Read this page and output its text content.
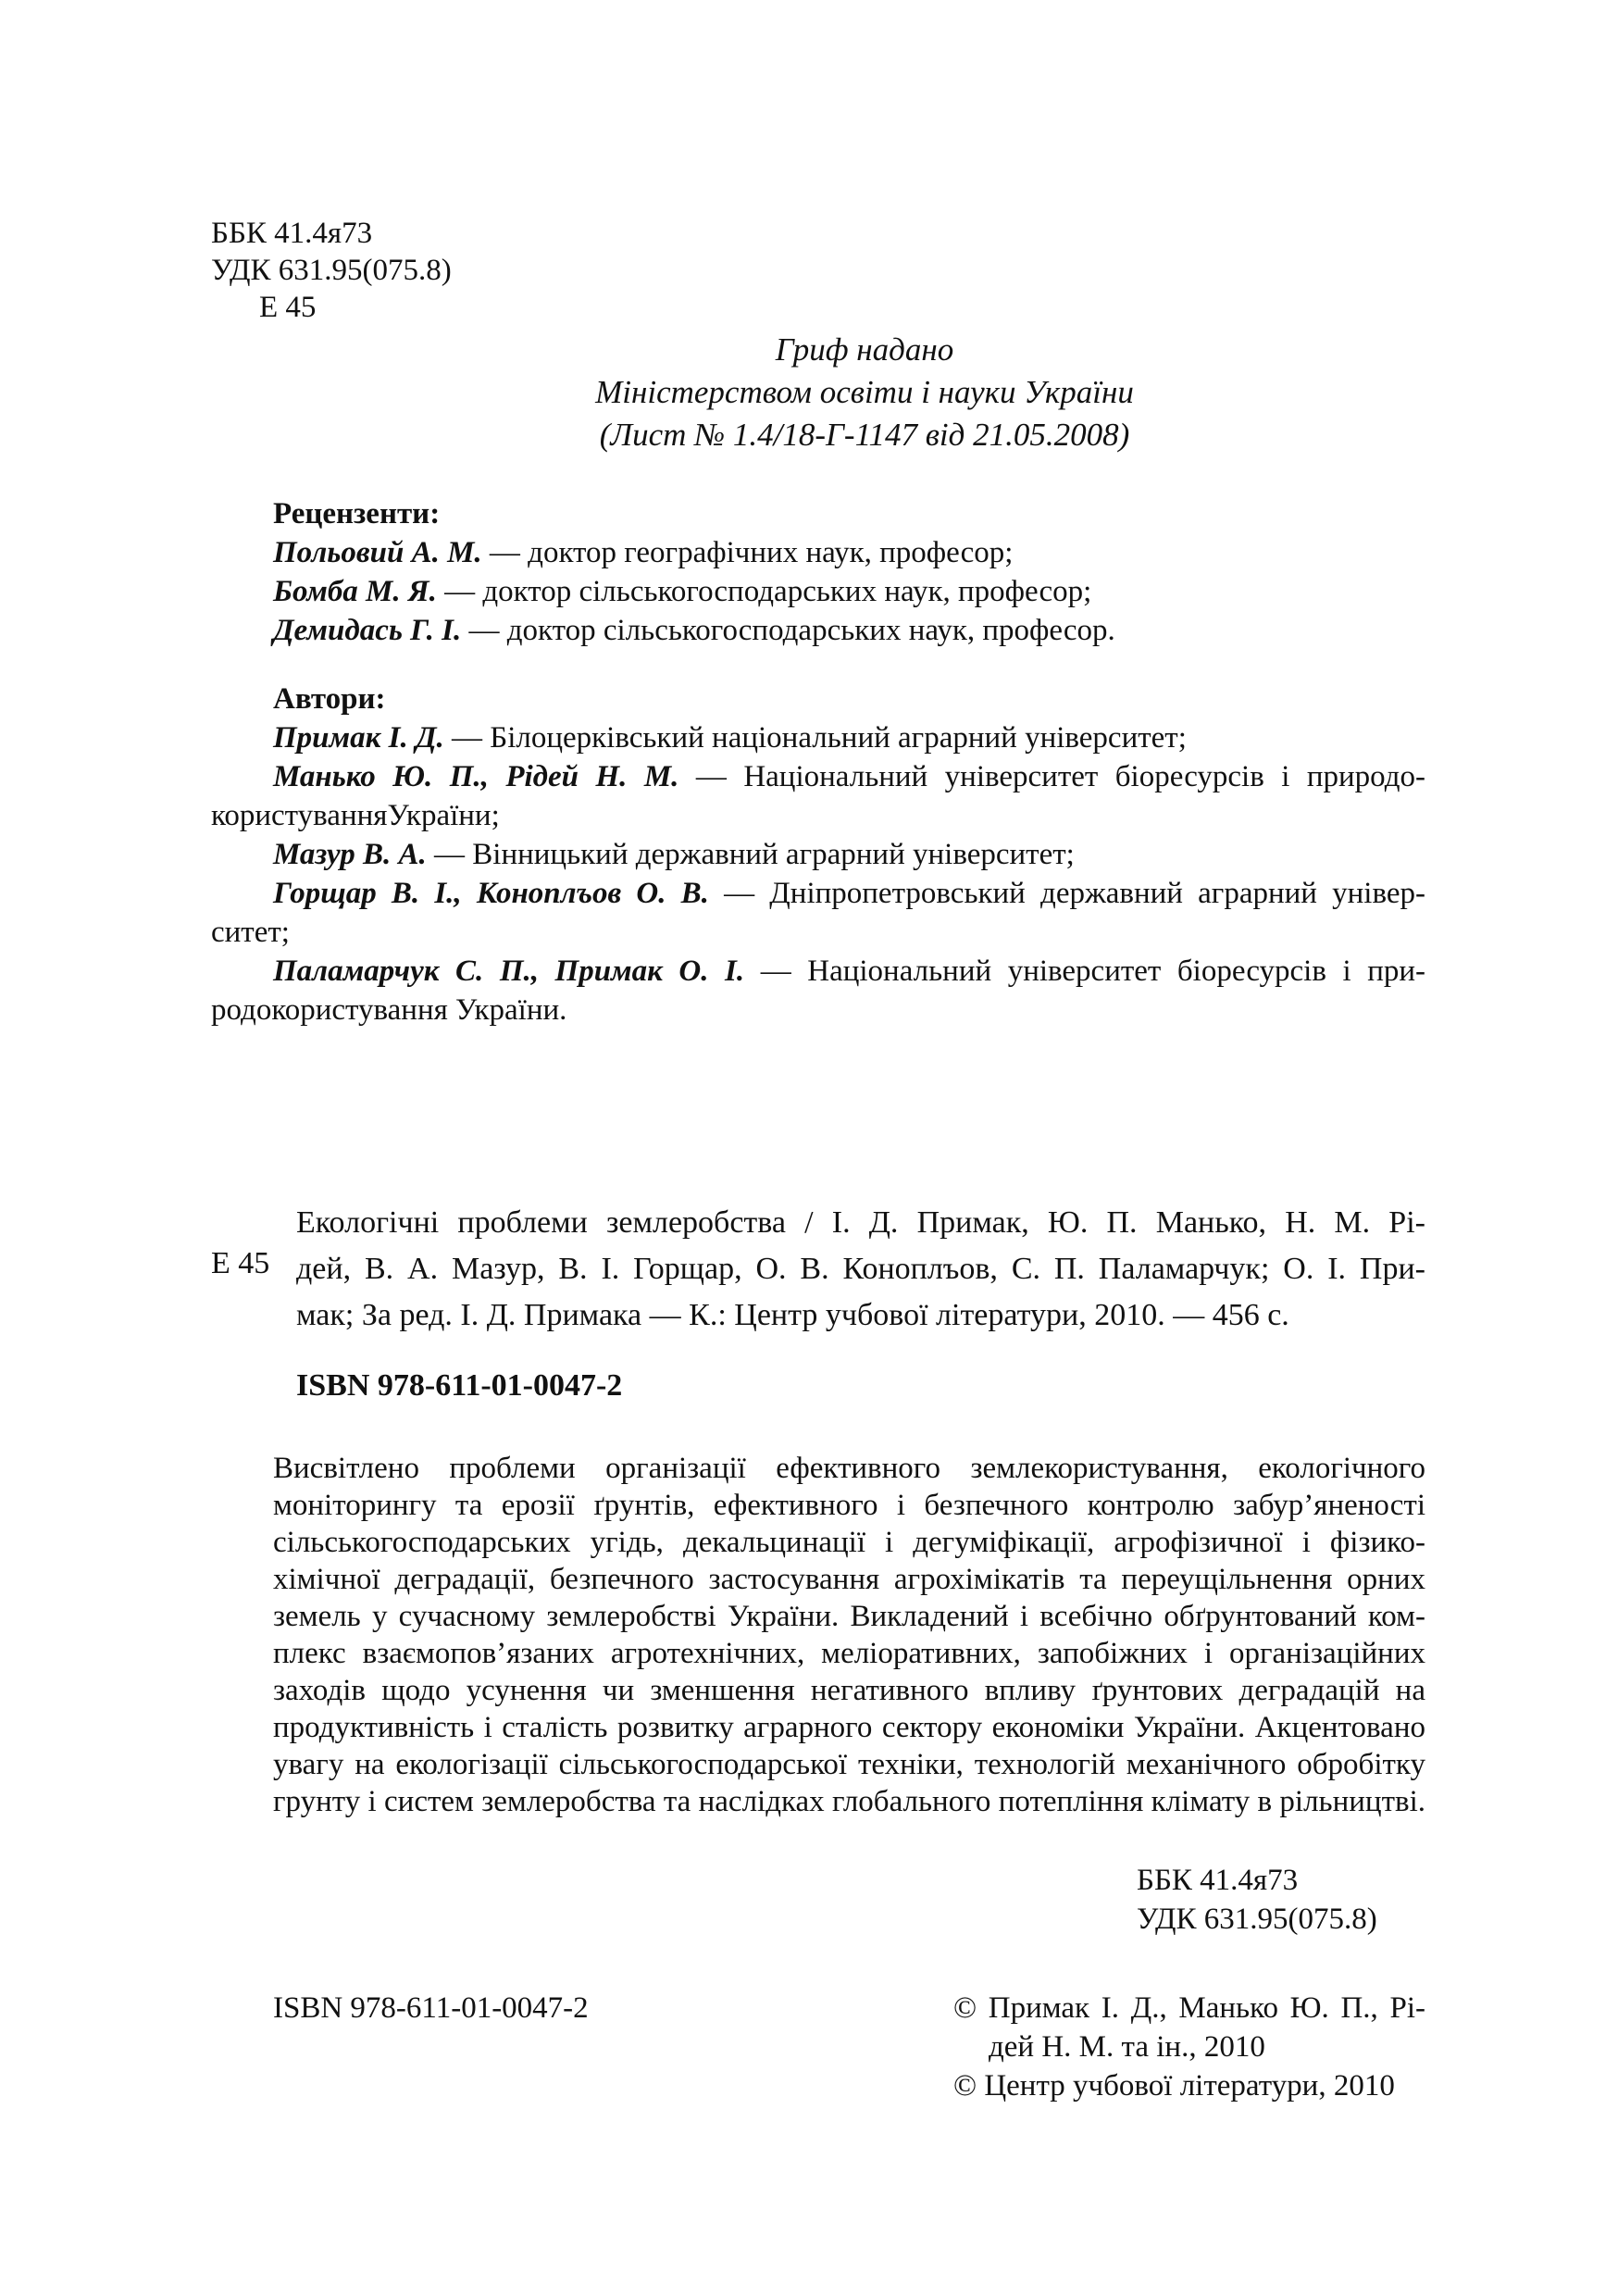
ББК 41.4я73
УДК 631.95(075.8)
Е 45
Гриф надано
Міністерством освіти і науки України
(Лист № 1.4/18-Г-1147 від 21.05.2008)
Рецензенти:
Польовий А. М. — доктор географічних наук, професор;
Бомба М. Я. — доктор сільськогосподарських наук, професор;
Демидась Г. І. — доктор сільськогосподарських наук, професор.
Автори:
Примак І. Д. — Білоцерківський національний аграрний університет;
Манько Ю. П., Рідей Н. М. — Національний університет біоресурсів і природо-
користуванняУкраїни;
Мазур В. А. — Вінницький державний аграрний університет;
Горщар В. І., Коноплъов О. В. — Дніпропетровський державний аграрний універ-
ситет;
Паламарчук С. П., Примак О. І. — Національний університет біоресурсів і при-
родокористування України.
Е 45
Екологічні проблеми землеробства / І. Д. Примак, Ю. П. Манько, Н. М. Рі-
дей, В. А. Мазур, В. І. Горщар, О. В. Коноплъов, С. П. Паламарчук; О. І. При-
мак; За ред. І. Д. Примака — К.: Центр учбової літератури, 2010. — 456 с.
ISBN 978-611-01-0047-2
Висвітлено проблеми організації ефективного землекористування, екологічного
моніторингу та ерозії ґрунтів, ефективного і безпечного контролю забур’яненості
сільськогосподарських угідь, декальцинації і дегуміфікації, агрофізичної і фізико-
хімічної деградації, безпечного застосування агрохімікатів та переущільнення орних
земель у сучасному землеробстві України. Викладений і всебічно обґрунтований ком-
плекс взаємопов’язаних агротехнічних, меліоративних, запобіжних і організаційних
заходів щодо усунення чи зменшення негативного впливу ґрунтових деградацій на
продуктивність і сталість розвитку аграрного сектору економіки України. Акцентовано
увагу на екологізації сільськогосподарської техніки, технологій механічного обробітку
грунту і систем землеробства та наслідках глобального потепління клімату в рільництві.
ББК 41.4я73
УДК 631.95(075.8)
ISBN 978-611-01-0047-2	© Примак І. Д., Манько Ю. П., Рі-
дей Н. М. та ін., 2010
© Центр учбової літератури, 2010
